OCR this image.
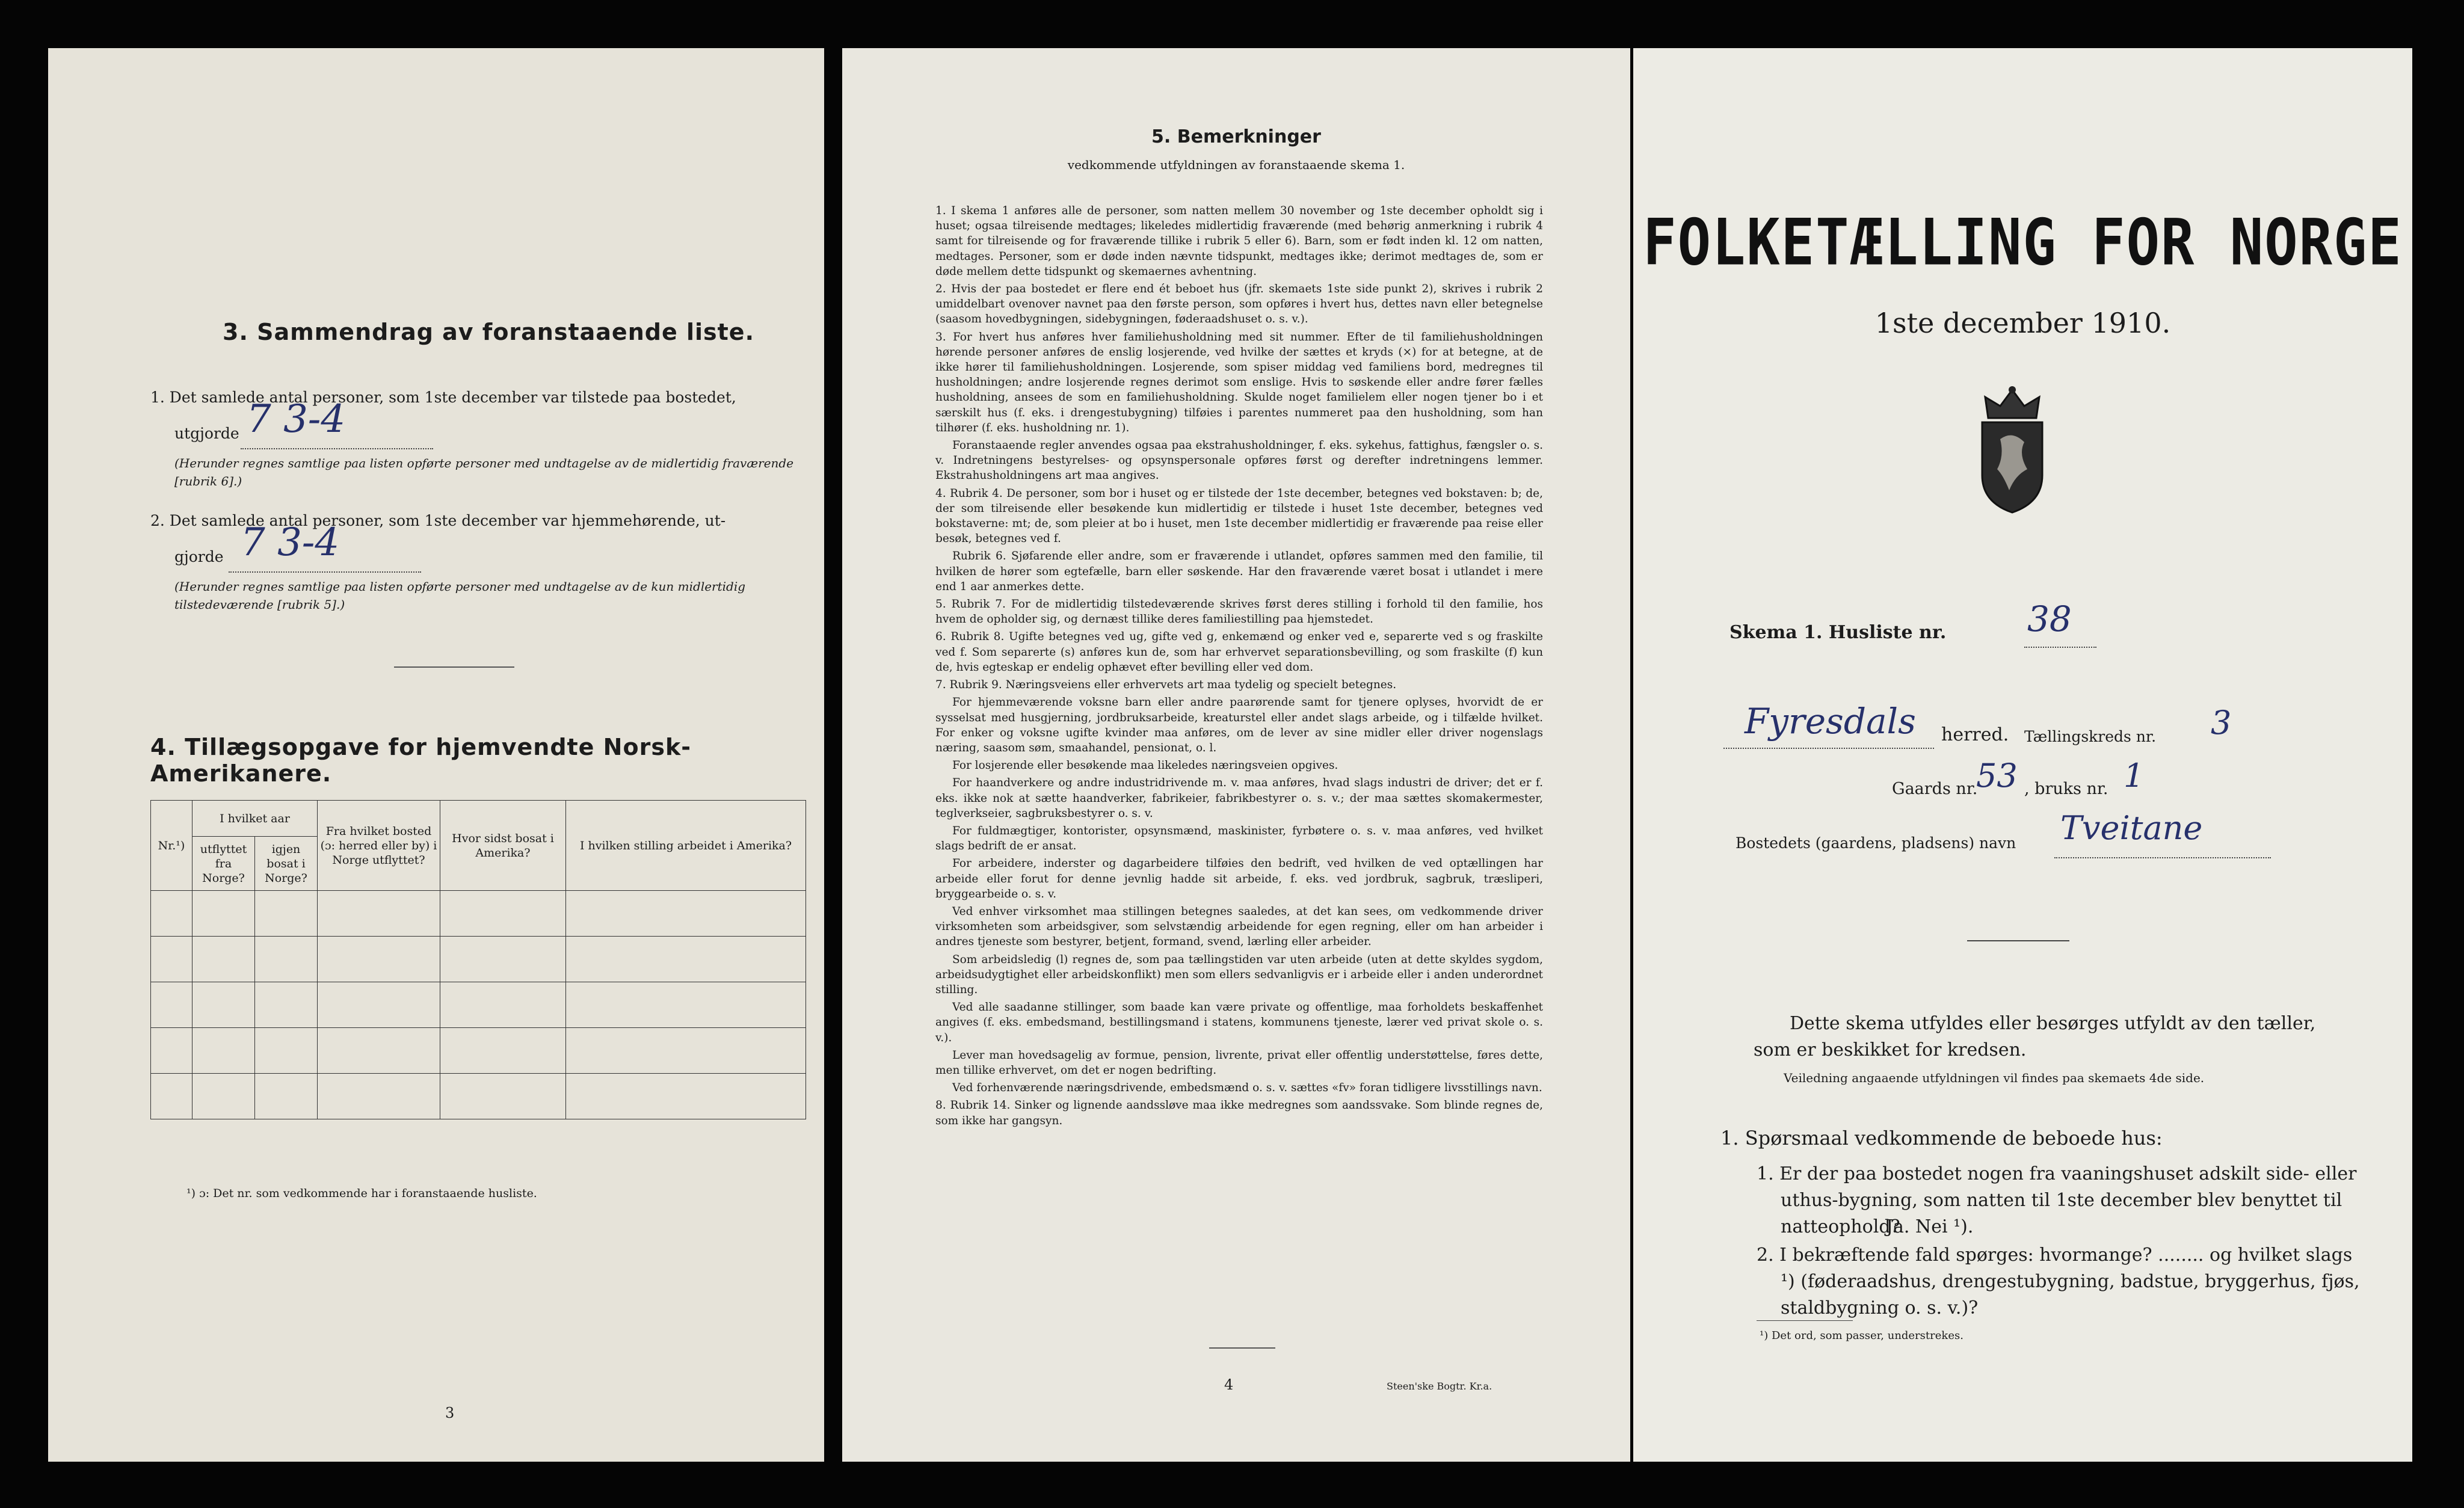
3. Sammendrag av foranstaaende liste.
1. Det samlede antal personer, som 1ste december var tilstede paa bostedet,
utgjorde 7 3-4
(Herunder regnes samtlige paa listen opførte personer med undtagelse av de midlertidig fraværende [rubrik 6].)
2. Det samlede antal personer, som 1ste december var hjemmehørende, ut-
gjorde 7 3-4
(Herunder regnes samtlige paa listen opførte personer med undtagelse av de kun midlertidig tilstedeværende [rubrik 5].)
4. Tillægsopgave for hjemvendte Norsk-Amerikanere.
Nr.¹)	I hvilket aar		Fra hvilket bosted (ɔ: herred eller by) i Norge utflyttet?	Hvor sidst bosat i Amerika?	I hvilken stilling arbeidet i Amerika?
	utflyttet fra Norge?	igjen bosat i Norge?			

¹) ɔ: Det nr. som vedkommende har i foranstaaende husliste.
3
5. Bemerkninger
vedkommende utfyldningen av foranstaaende skema 1.

1. I skema 1 anføres alle de personer, som natten mellem 30 november og 1ste december opholdt sig i huset; ogsaa tilreisende medtages; likeledes midlertidig fraværende (med behørig anmerkning i rubrik 4 samt for tilreisende og for fraværende tillike i rubrik 5 eller 6). Barn, som er født inden kl. 12 om natten, medtages. Personer, som er døde inden nævnte tidspunkt, medtages ikke; derimot medtages de, som er døde mellem dette tidspunkt og skemaernes avhentning.

2. Hvis der paa bostedet er flere end ét beboet hus (jfr. skemaets 1ste side punkt 2), skrives i rubrik 2 umiddelbart ovenover navnet paa den første person, som opføres i hvert hus, dettes navn eller betegnelse (saasom hovedbygningen, sidebygningen, føderaadshuset o. s. v.).

3. For hvert hus anføres hver familiehusholdning med sit nummer. Efter de til familiehusholdningen hørende personer anføres de enslig losjerende, ved hvilke der sættes et kryds (×) for at betegne, at de ikke hører til familiehusholdningen. Losjerende, som spiser middag ved familiens bord, medregnes til husholdningen; andre losjerende regnes derimot som enslige. Hvis to søskende eller andre fører fælles husholdning, ansees de som en familiehusholdning. Skulde noget familielem eller nogen tjener bo i et særskilt hus (f. eks. i drengestubygning) tilføies i parentes nummeret paa den husholdning, som han tilhører (f. eks. husholdning nr. 1).

Foranstaaende regler anvendes ogsaa paa ekstrahusholdninger, f. eks. sykehus, fattighus, fængsler o. s. v. Indretningens bestyrelses- og opsynspersonale opføres først og derefter indretningens lemmer. Ekstrahusholdningens art maa angives.

4. Rubrik 4. De personer, som bor i huset og er tilstede der 1ste december, betegnes ved bokstaven: b; de, der som tilreisende eller besøkende kun midlertidig er tilstede i huset 1ste december, betegnes ved bokstaverne: mt; de, som pleier at bo i huset, men 1ste december midlertidig er fraværende paa reise eller besøk, betegnes ved f.

Rubrik 6. Sjøfarende eller andre, som er fraværende i utlandet, opføres sammen med den familie, til hvilken de hører som egtefælle, barn eller søskende. Har den fraværende været bosat i utlandet i mere end 1 aar anmerkes dette.

5. Rubrik 7. For de midlertidig tilstedeværende skrives først deres stilling i forhold til den familie, hos hvem de opholder sig, og dernæst tillike deres familiestilling paa hjemstedet.

6. Rubrik 8. Ugifte betegnes ved ug, gifte ved g, enkemænd og enker ved e, separerte ved s og fraskilte ved f. Som separerte (s) anføres kun de, som har erhvervet separationsbevilling, og som fraskilte (f) kun de, hvis egteskap er endelig ophævet efter bevilling eller ved dom.

7. Rubrik 9. Næringsveiens eller erhvervets art maa tydelig og specielt betegnes.

For hjemmeværende voksne barn eller andre paarørende samt for tjenere oplyses, hvorvidt de er sysselsat med husgjerning, jordbruksarbeide, kreaturstel eller andet slags arbeide, og i tilfælde hvilket. For enker og voksne ugifte kvinder maa anføres, om de lever av sine midler eller driver nogenslags næring, saasom søm, smaahandel, pensionat, o. l.

For losjerende eller besøkende maa likeledes næringsveien opgives.

For haandverkere og andre industridrivende m. v. maa anføres, hvad slags industri de driver; det er f. eks. ikke nok at sætte haandverker, fabrikeier, fabrikbestyrer o. s. v.; der maa sættes skomakermester, teglverkseier, sagbruksbestyrer o. s. v.

For fuldmægtiger, kontorister, opsynsmænd, maskinister, fyrbøtere o. s. v. maa anføres, ved hvilket slags bedrift de er ansat.

For arbeidere, inderster og dagarbeidere tilføies den bedrift, ved hvilken de ved optællingen har arbeide eller forut for denne jevnlig hadde sit arbeide, f. eks. ved jordbruk, sagbruk, træsliperi, bryggearbeide o. s. v.

Ved enhver virksomhet maa stillingen betegnes saaledes, at det kan sees, om vedkommende driver virksomheten som arbeidsgiver, som selvstændig arbeidende for egen regning, eller om han arbeider i andres tjeneste som bestyrer, betjent, formand, svend, lærling eller arbeider.

Som arbeidsledig (l) regnes de, som paa tællingstiden var uten arbeide (uten at dette skyldes sygdom, arbeidsudygtighet eller arbeidskonflikt) men som ellers sedvanligvis er i arbeide eller i anden underordnet stilling.

Ved alle saadanne stillinger, som baade kan være private og offentlige, maa forholdets beskaffenhet angives (f. eks. embedsmand, bestillingsmand i statens, kommunens tjeneste, lærer ved privat skole o. s. v.).

Lever man hovedsagelig av formue, pension, livrente, privat eller offentlig understøttelse, føres dette, men tillike erhvervet, om det er nogen bedrifting.

Ved forhenværende næringsdrivende, embedsmænd o. s. v. sættes «fv» foran tidligere livsstillings navn.

8. Rubrik 14. Sinker og lignende aandssløve maa ikke medregnes som aandssvake. Som blinde regnes de, som ikke har gangsyn.

4	Steen'ske Bogtr. Kr.a.
FOLKETÆLLING FOR NORGE
1ste december 1910.
Skema 1. Husliste nr. 38
Fyresdals herred. Tællingskreds nr. 3
Gaards nr.
53 , bruks nr. 1
Bostedets (gaardens, pladsens) navn Tveitane
Dette skema utfyldes eller besørges utfyldt av den tæller, som er beskikket for kredsen.
Veiledning angaaende utfyldningen vil findes paa skemaets 4de side.
1. Spørsmaal vedkommende de beboede hus:
1. Er der paa bostedet nogen fra vaaningshuset adskilt side- eller uthus-bygning, som natten til 1ste december blev benyttet til natteophold?
Ja. Nei ¹).
2. I bekræftende fald spørges: hvormange? ........ og hvilket slags ¹) (føderaadshus, drengestubygning, badstue, bryggerhus, fjøs, staldbygning o. s. v.)?
¹) Det ord, som passer, understrekes.
